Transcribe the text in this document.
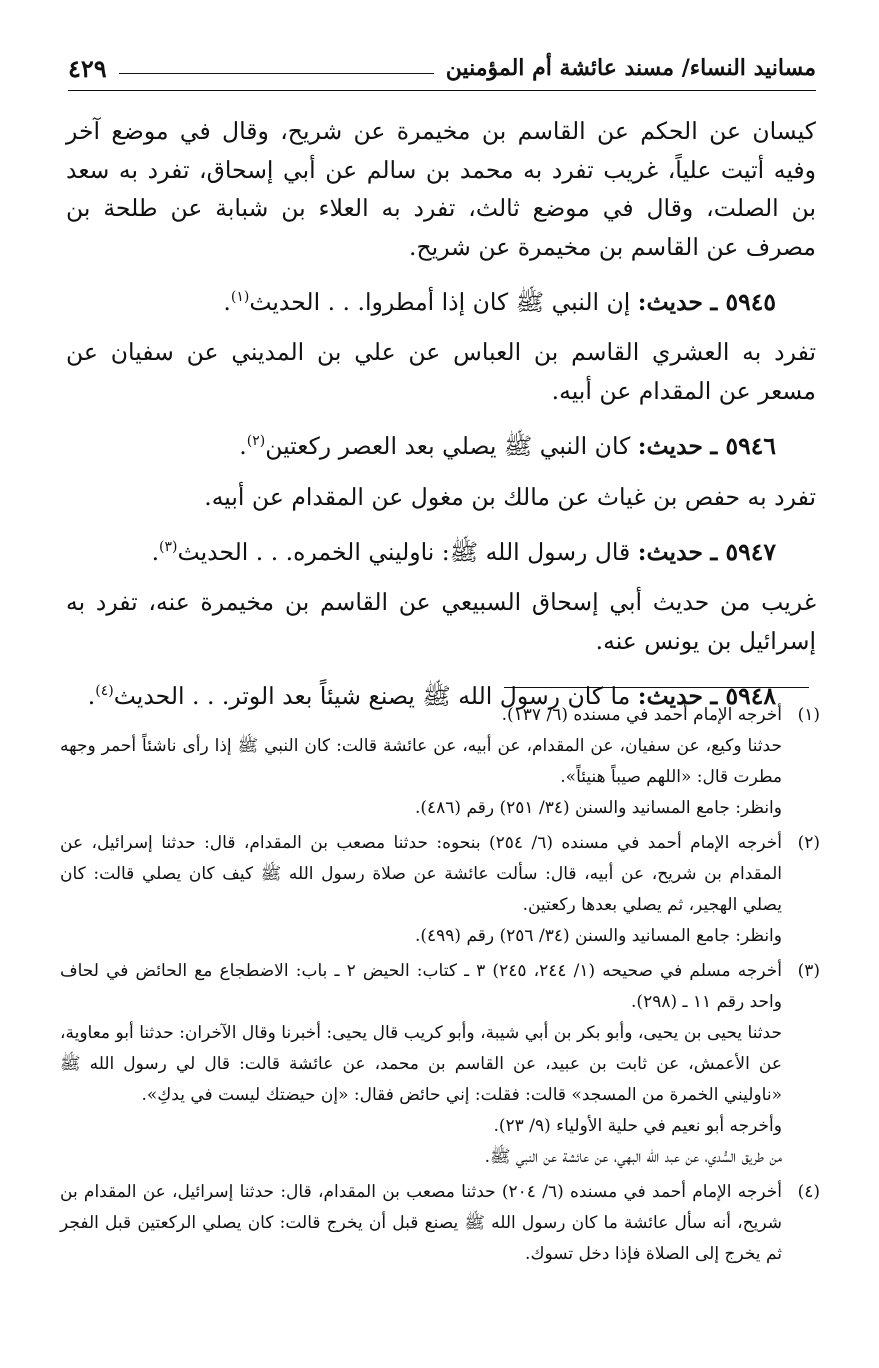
مسانيد النساء/ مسند عائشة أم المؤمنين
٤٢٩

كيسان عن الحكم عن القاسم بن مخيمرة عن شريح، وقال في موضع آخر وفيه أتيت علياً، غريب تفرد به محمد بن سالم عن أبي إسحاق، تفرد به سعد بن الصلت، وقال في موضع ثالث، تفرد به العلاء بن شبابة عن طلحة بن مصرف عن القاسم بن مخيمرة عن شريح.

٥٩٤٥ ـ حديث: إن النبي ﷺ كان إذا أمطروا. . . الحديث$^{(١)}$.

تفرد به العشري القاسم بن العباس عن علي بن المديني عن سفيان عن مسعر عن المقدام عن أبيه.

٥٩٤٦ ـ حديث: كان النبي ﷺ يصلي بعد العصر ركعتين$^{(٢)}$.

تفرد به حفص بن غياث عن مالك بن مغول عن المقدام عن أبيه.

٥٩٤٧ ـ حديث: قال رسول الله ﷺ: ناوليني الخمره. . . الحديث$^{(٣)}$.

غريب من حديث أبي إسحاق السبيعي عن القاسم بن مخيمرة عنه، تفرد به إسرائيل بن يونس عنه.

٥٩٤٨ ـ حديث: ما كان رسول الله ﷺ يصنع شيئاً بعد الوتر. . . الحديث$^{(٤)}$.

(١)

أخرجه الإمام أحمد في مسنده (٦/ ١٣٧).

حدثنا وكيع، عن سفيان، عن المقدام، عن أبيه، عن عائشة قالت: كان النبي ﷺ إذا رأى ناشئاً أحمر وجهه مطرت قال: «اللهم صيباً هنيئاً».

وانظر: جامع المسانيد والسنن (٣٤/ ٢٥١) رقم (٤٨٦).

(٢)

أخرجه الإمام أحمد في مسنده (٦/ ٢٥٤) بنحوه: حدثنا مصعب بن المقدام، قال: حدثنا إسرائيل، عن المقدام بن شريح، عن أبيه، قال: سألت عائشة عن صلاة رسول الله ﷺ كيف كان يصلي قالت: كان يصلي الهجير، ثم يصلي بعدها ركعتين.

وانظر: جامع المسانيد والسنن (٣٤/ ٢٥٦) رقم (٤٩٩).

(٣)

أخرجه مسلم في صحيحه (١/ ٢٤٤، ٢٤٥) ٣ ـ كتاب: الحيض ٢ ـ باب: الاضطجاع مع الحائض في لحاف واحد رقم ١١ ـ (٢٩٨).

حدثنا يحيى بن يحيى، وأبو بكر بن أبي شيبة، وأبو كريب قال يحيى: أخبرنا وقال الآخران: حدثنا أبو معاوية، عن الأعمش، عن ثابت بن عبيد، عن القاسم بن محمد، عن عائشة قالت: قال لي رسول الله ﷺ «ناوليني الخمرة من المسجد» قالت: فقلت: إني حائض فقال: «إن حيضتك ليست في يدكِ».

وأخرجه أبو نعيم في حلية الأولياء (٩/ ٢٣).

من طريق السُّدي، عن عبد الله البهي، عن عائشة عن النبي ﷺ.

(٤)

أخرجه الإمام أحمد في مسنده (٦/ ٢٠٤) حدثنا مصعب بن المقدام، قال: حدثنا إسرائيل، عن المقدام بن شريح، أنه سأل عائشة ما كان رسول الله ﷺ يصنع قبل أن يخرج قالت: كان يصلي الركعتين قبل الفجر ثم يخرج إلى الصلاة فإذا دخل تسوك.
